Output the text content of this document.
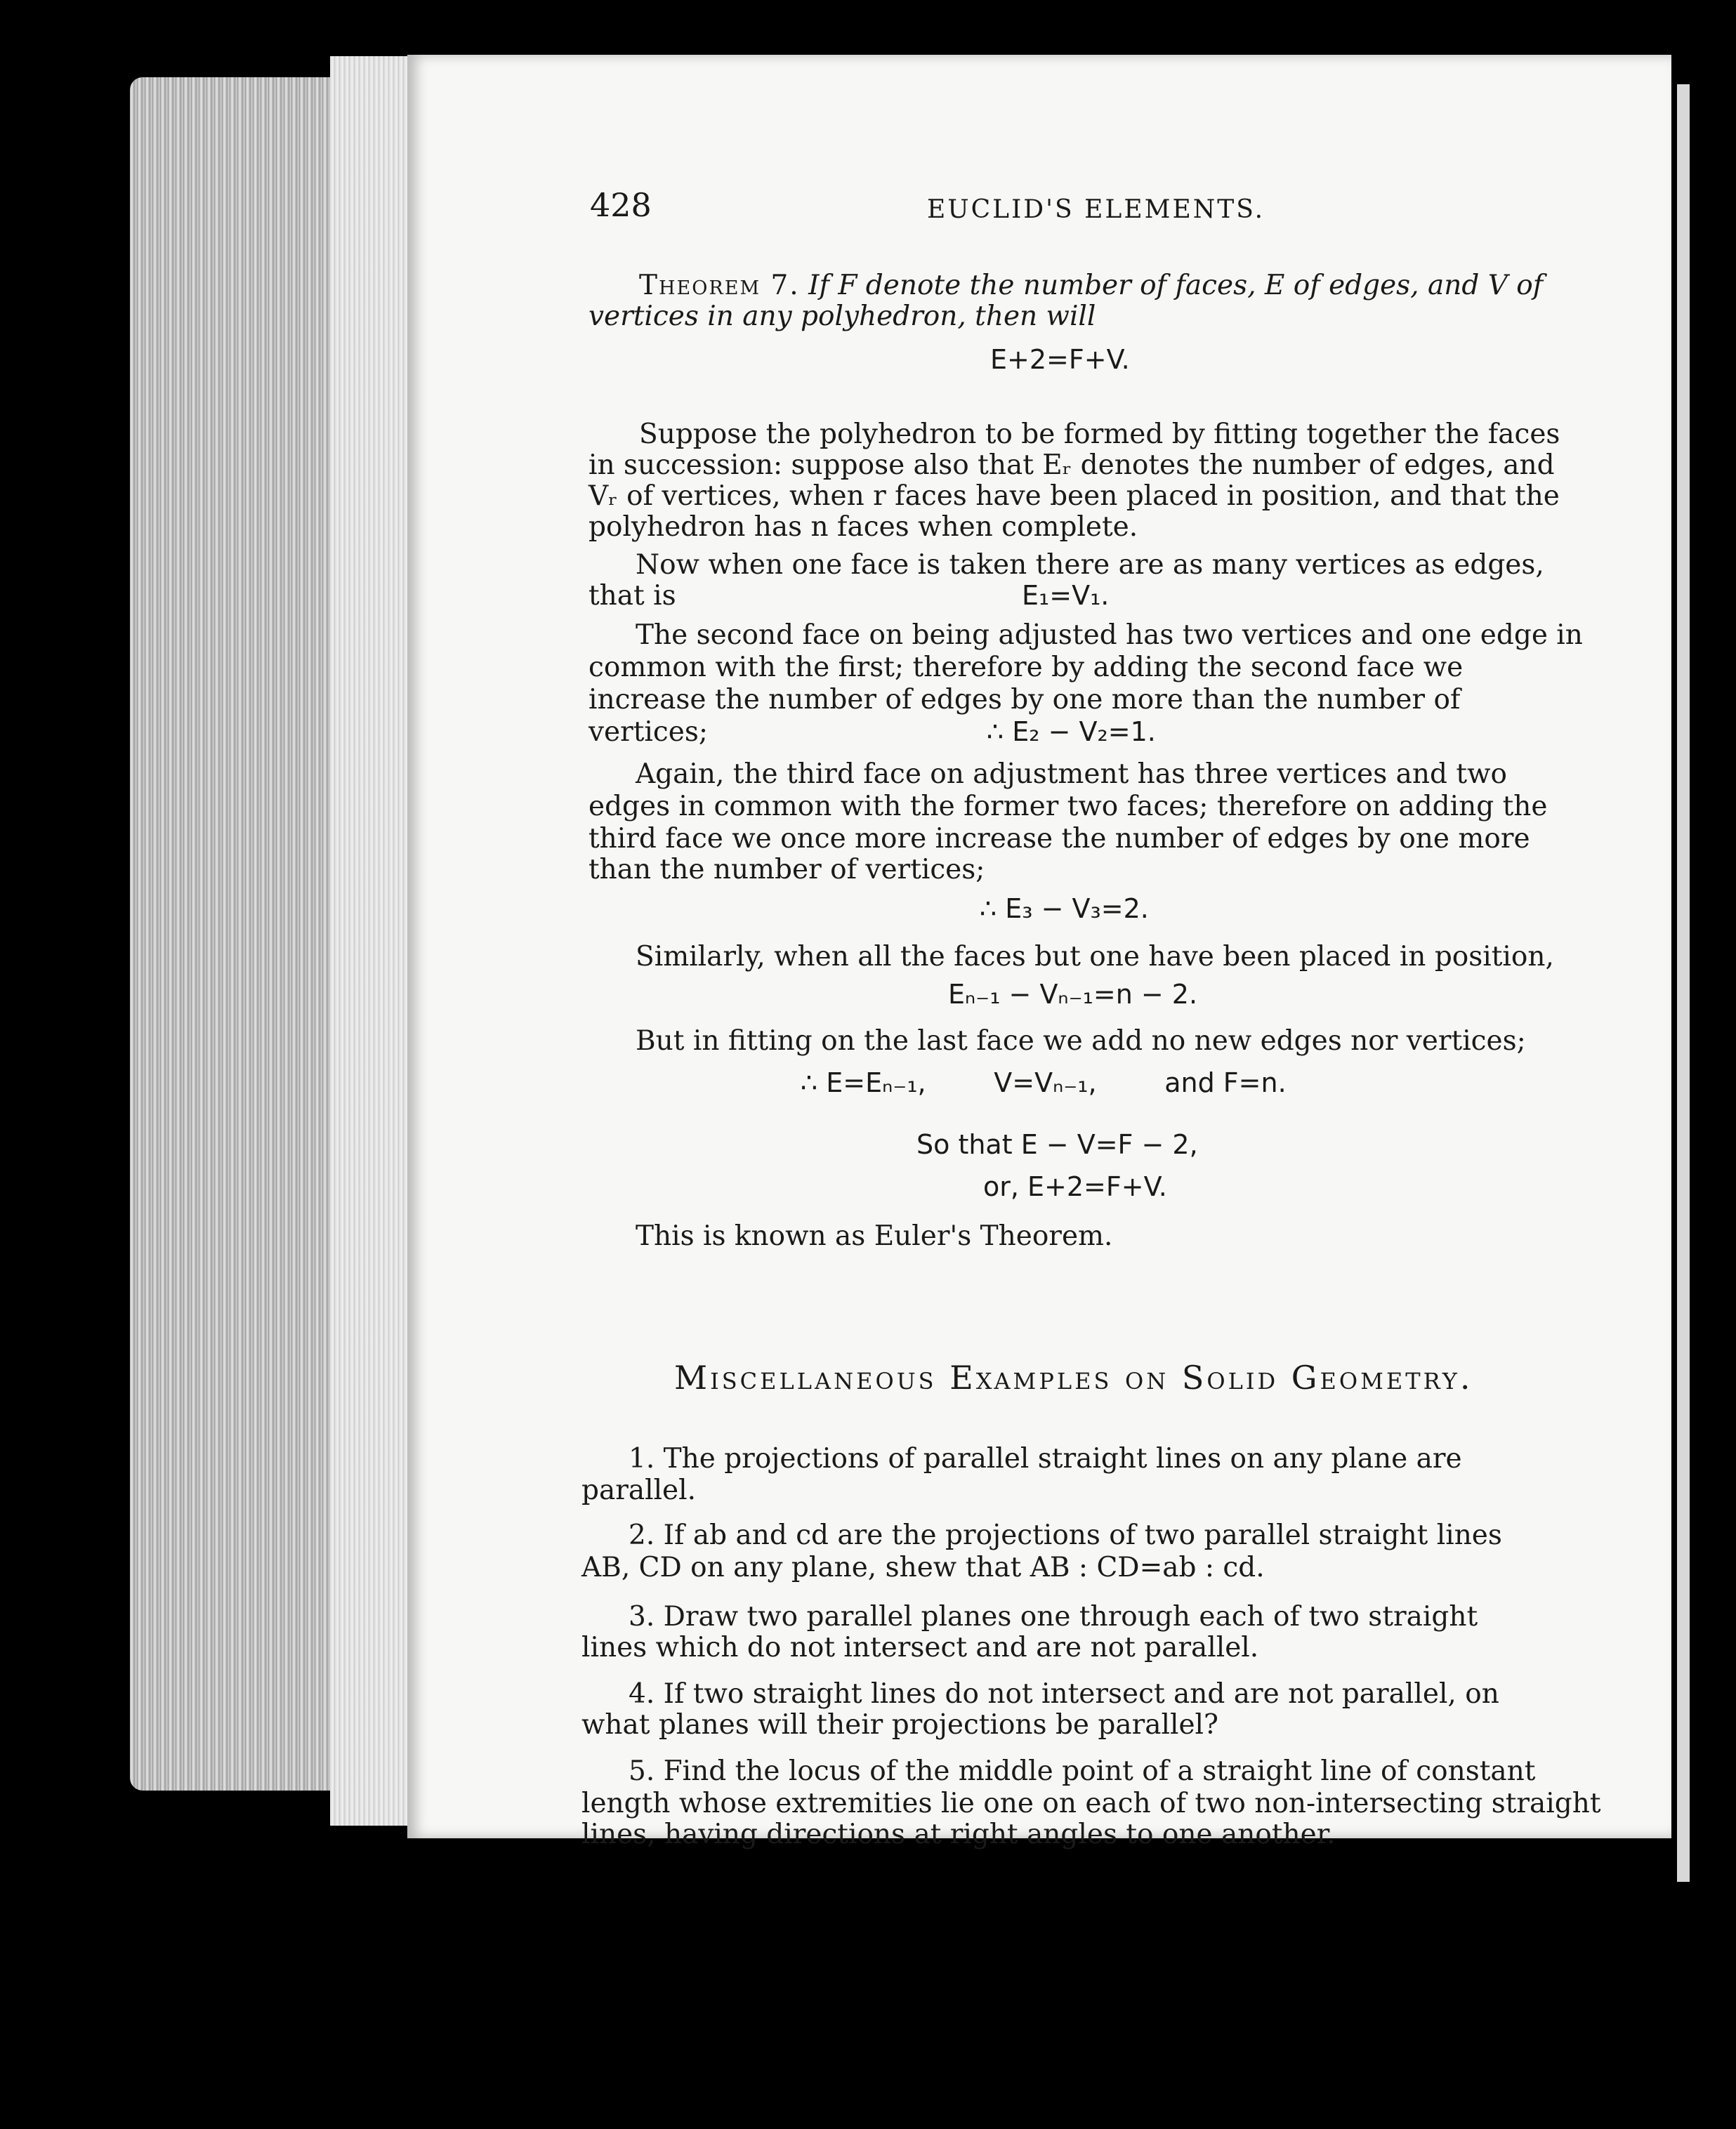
428	EUCLID'S ELEMENTS.
Theorem 7. If F denote the number of faces, E of edges, and V of
vertices in any polyhedron, then will
E+2=F+V.
Suppose the polyhedron to be formed by fitting together the faces
in succession: suppose also that Eᵣ denotes the number of edges, and
Vᵣ of vertices, when r faces have been placed in position, and that the
polyhedron has n faces when complete.
Now when one face is taken there are as many vertices as edges,
that is	E₁=V₁.
The second face on being adjusted has two vertices and one edge in
common with the first; therefore by adding the second face we
increase the number of edges by one more than the number of
vertices;	∴ E₂ − V₂=1.
Again, the third face on adjustment has three vertices and two
edges in common with the former two faces; therefore on adding the
third face we once more increase the number of edges by one more
than the number of vertices;
∴ E₃ − V₃=2.
Similarly, when all the faces but one have been placed in position,
Eₙ₋₁ − Vₙ₋₁=n − 2.
But in fitting on the last face we add no new edges nor vertices;
∴ E=Eₙ₋₁,        V=Vₙ₋₁,        and F=n.
So that E − V=F − 2,
or, E+2=F+V.
This is known as Euler's Theorem.
Miscellaneous Examples on Solid Geometry.
1. The projections of parallel straight lines on any plane are
parallel.
2. If ab and cd are the projections of two parallel straight lines
AB, CD on any plane, shew that AB : CD=ab : cd.
3. Draw two parallel planes one through each of two straight
lines which do not intersect and are not parallel.
4. If two straight lines do not intersect and are not parallel, on
what planes will their projections be parallel?
5. Find the locus of the middle point of a straight line of constant
length whose extremities lie one on each of two non-intersecting straight
lines, having directions at right angles to one another.
